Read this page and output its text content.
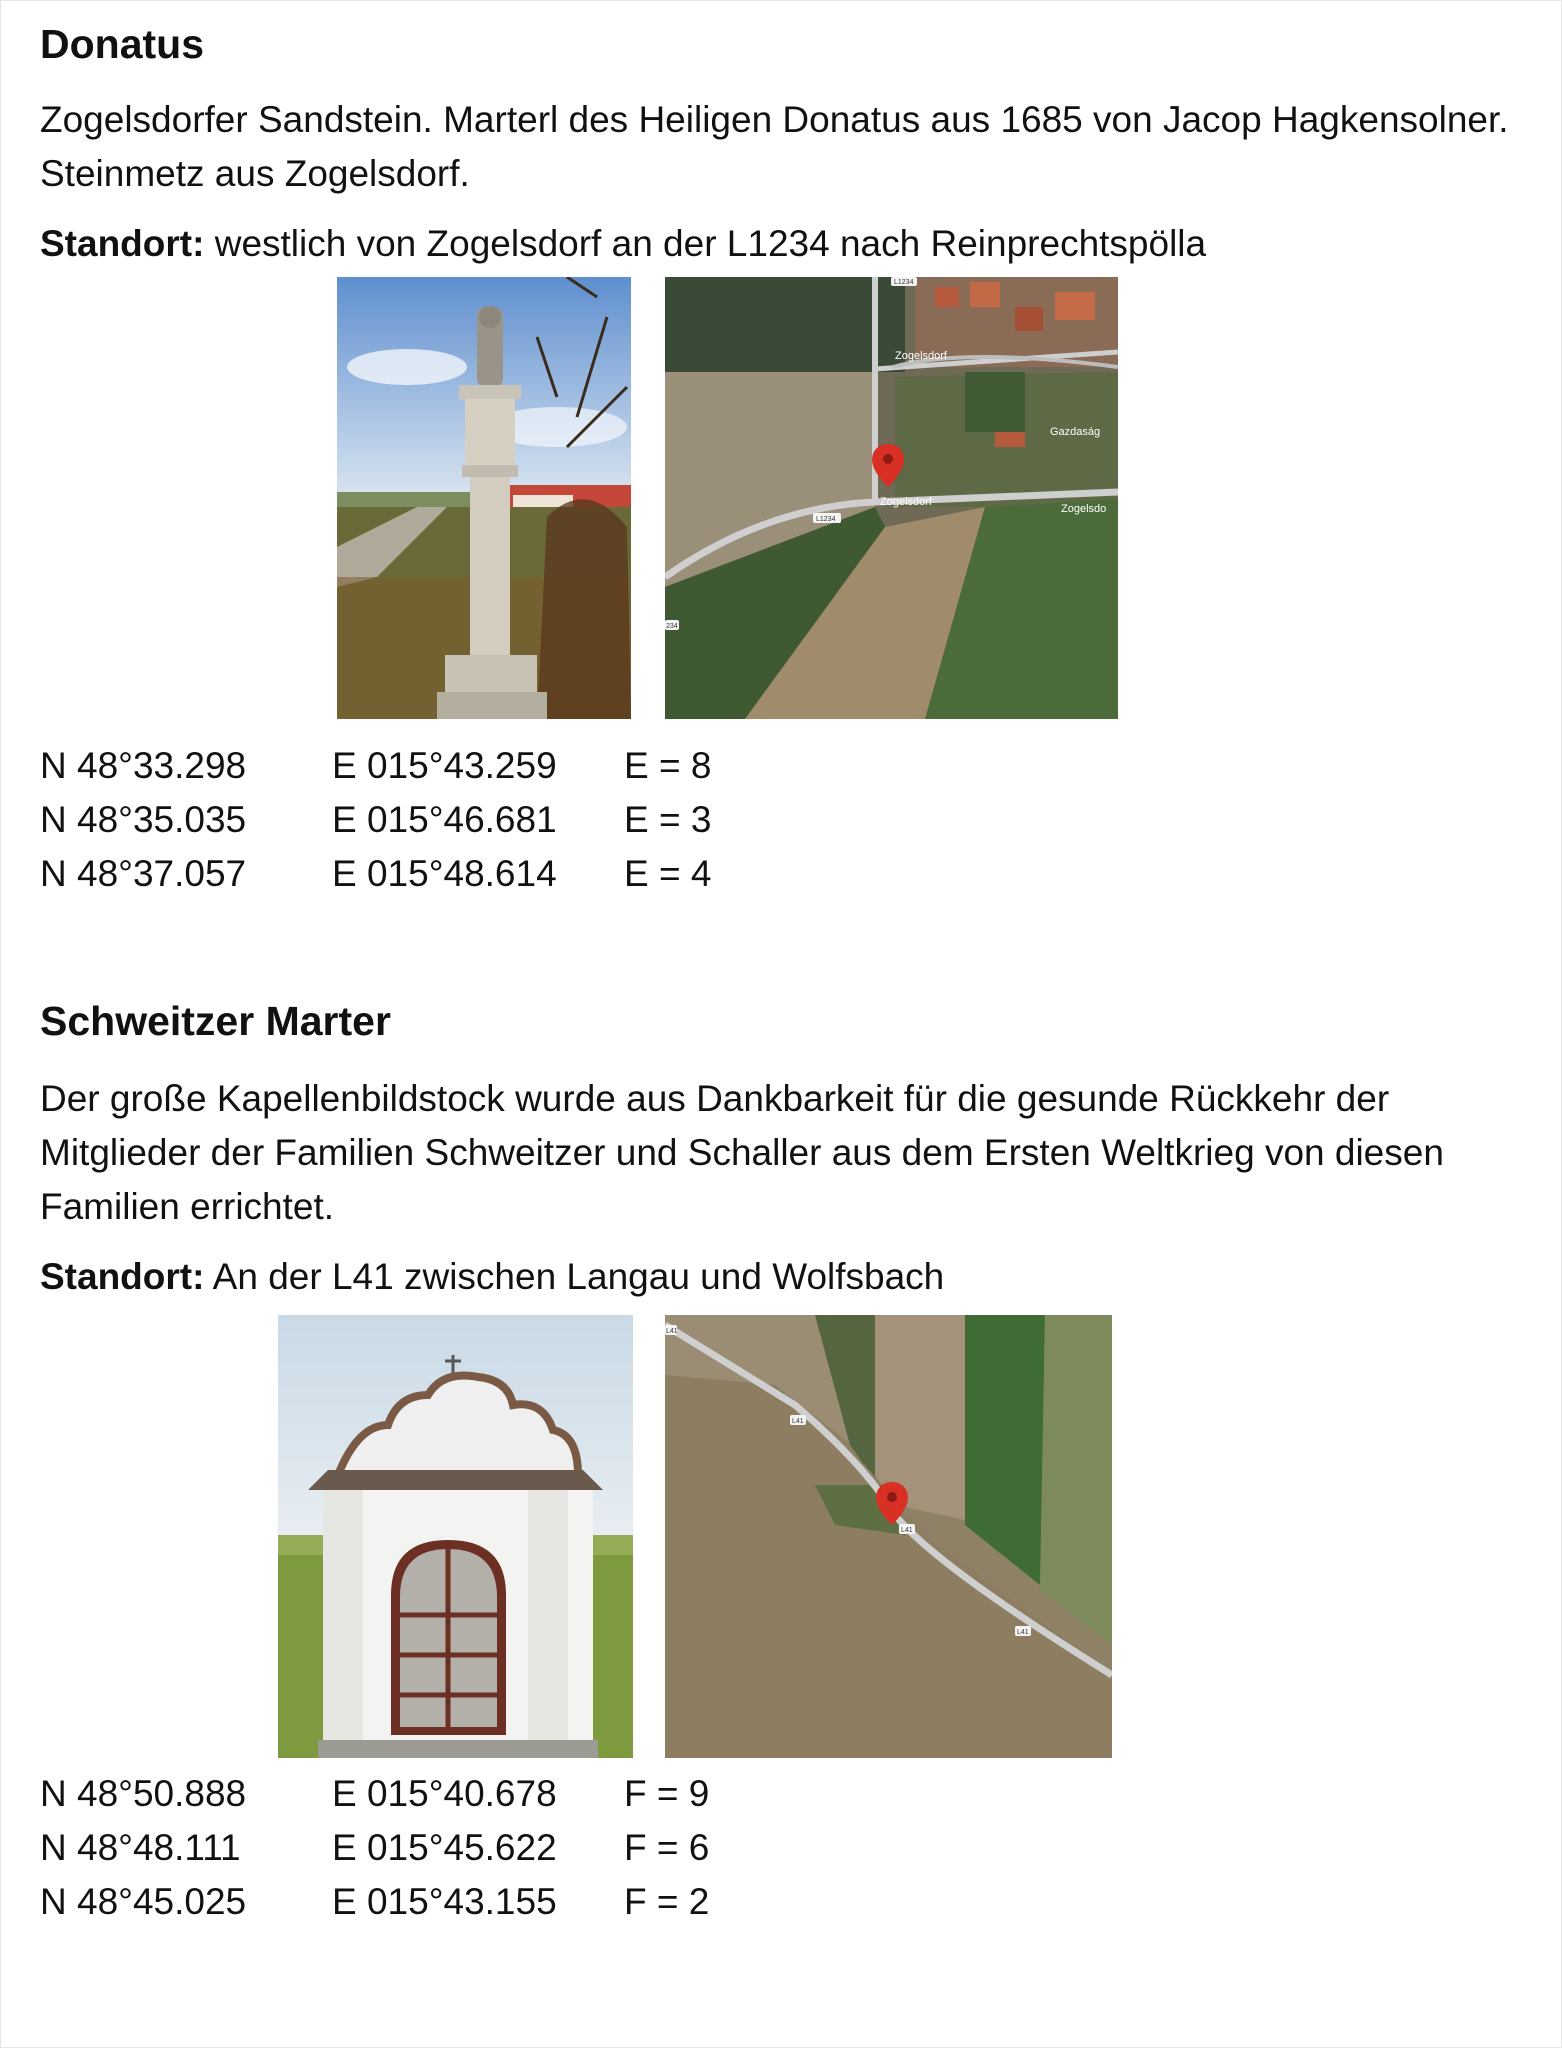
Donatus

Zogelsdorfer Sandstein. Marterl des Heiligen Donatus aus 1685 von Jacop Hagkensolner. Steinmetz aus Zogelsdorf.

Standort: westlich von Zogelsdorf an der L1234 nach Reinprechtspölla

Zogelsdorf
Zogelsdorf
Gazdaság
Zogelsdo
L1234
L1234
234
N 48°33.298	E 015°43.259	E = 8
N 48°35.035	E 015°46.681	E = 3
N 48°37.057	E 015°48.614	E = 4
Schweitzer Marter

Der große Kapellenbildstock wurde aus Dankbarkeit für die gesunde Rückkehr der Mitglieder der Familien Schweitzer und Schaller aus dem Ersten Weltkrieg von diesen Familien errichtet.

Standort: An der L41 zwischen Langau und Wolfsbach

L41
L41
L41
L41
N 48°50.888	E 015°40.678	F = 9
N 48°48.111	E 015°45.622	F = 6
N 48°45.025	E 015°43.155	F = 2
